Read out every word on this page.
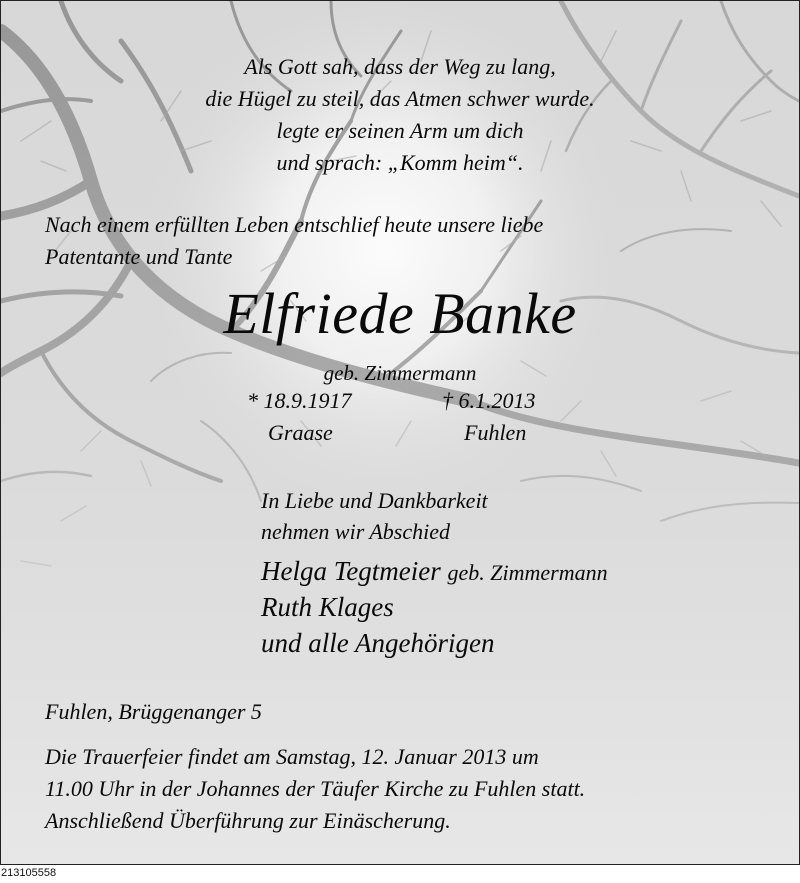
Als Gott sah, dass der Weg zu lang,
die Hügel zu steil, das Atmen schwer wurde.
legte er seinen Arm um dich
und sprach: „Komm heim“.
Nach einem erfüllten Leben entschlief heute unsere liebe
Patentante und Tante
Elfriede Banke
geb. Zimmermann
* 18.9.1917	† 6.1.2013
Graase	Fuhlen
In Liebe und Dankbarkeit
nehmen wir Abschied
Helga Tegtmeier geb. Zimmermann
Ruth Klages
und alle Angehörigen
Fuhlen, Brüggenanger 5
Die Trauerfeier findet am Samstag, 12. Januar 2013 um
11.00 Uhr in der Johannes der Täufer Kirche zu Fuhlen statt.
Anschließend Überführung zur Einäscherung.
213105558
